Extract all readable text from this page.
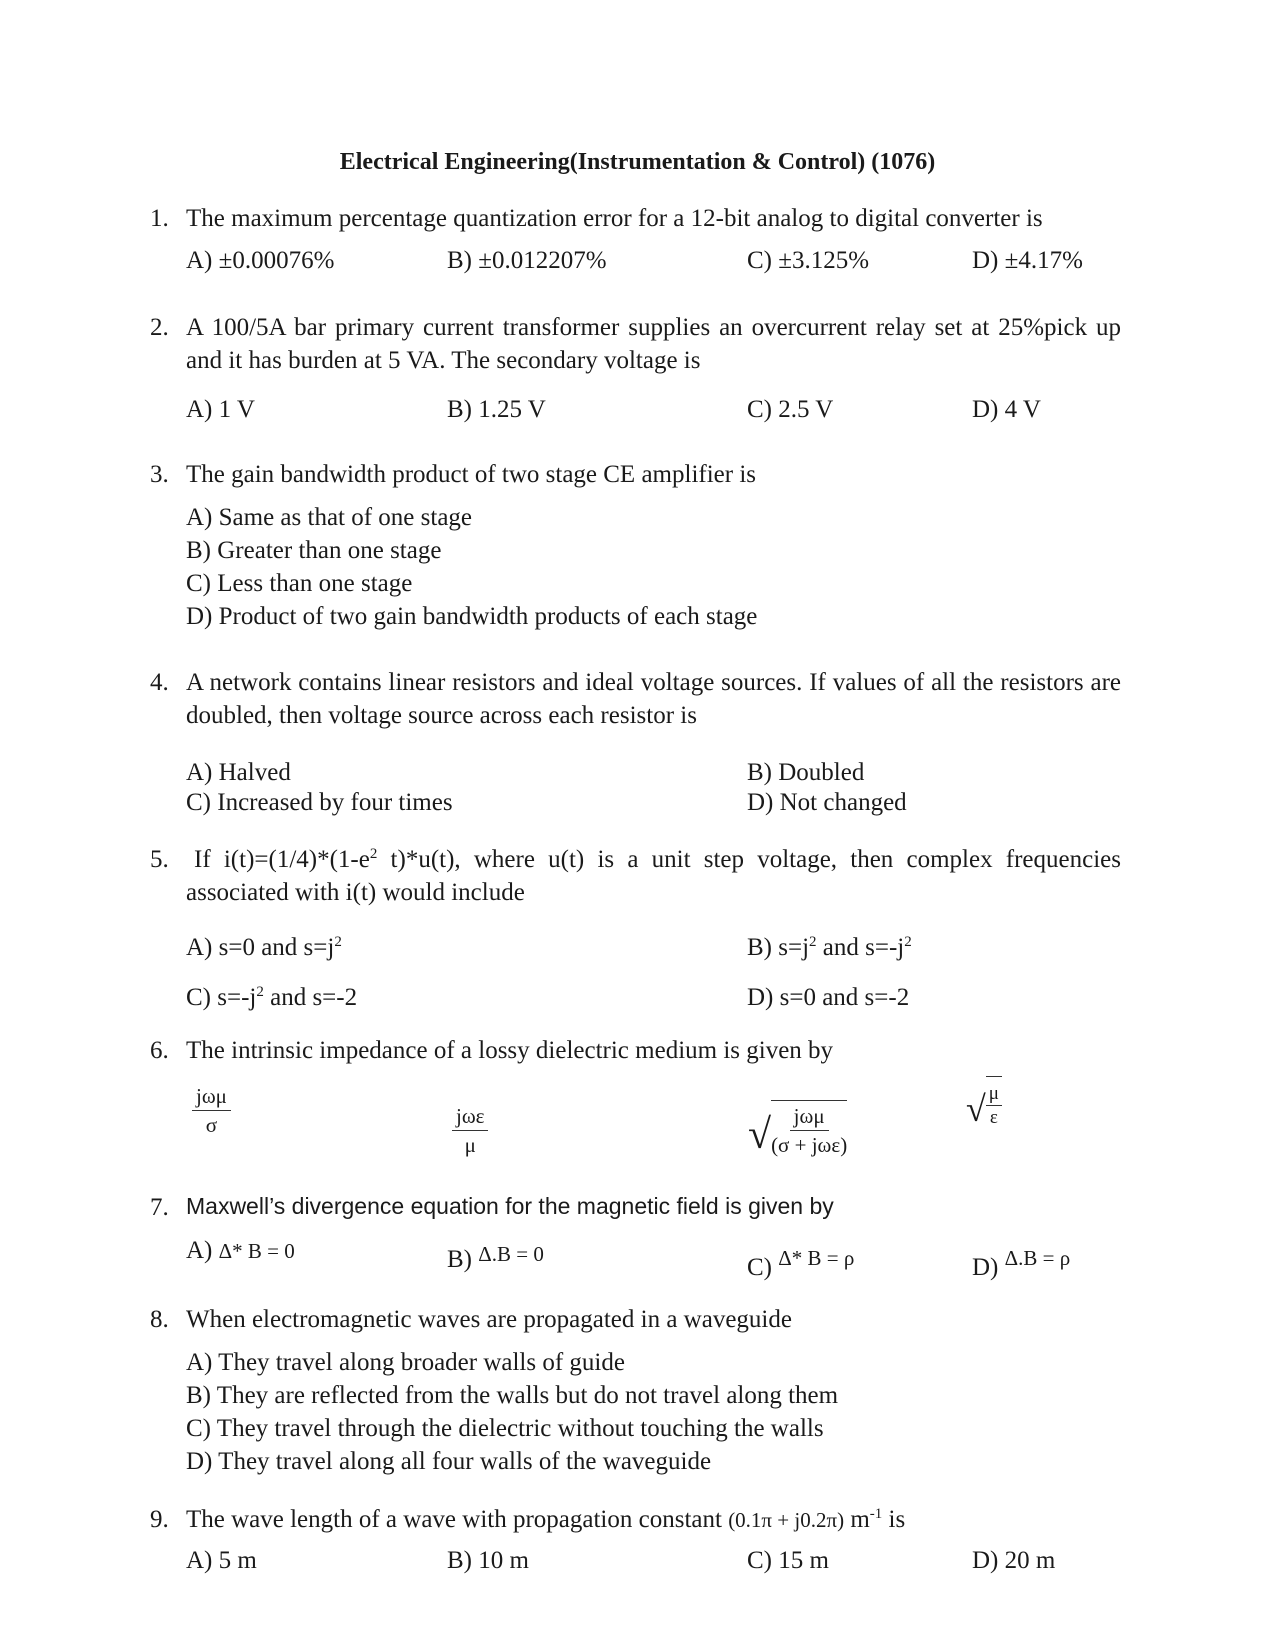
Electrical Engineering(Instrumentation & Control) (1076)
1. The maximum percentage quantization error for a 12-bit analog to digital converter is
A) ±0.00076%	B) ±0.012207%	C) ±3.125%	D) ±4.17%
2. A 100/5A bar primary current transformer supplies an overcurrent relay set at 25%pick up
and it has burden at 5 VA. The secondary voltage is
A) 1 V	B) 1.25 V	C) 2.5 V	D) 4 V
3. The gain bandwidth product of two stage CE amplifier is
A) Same as that of one stage
B) Greater than one stage
C) Less than one stage
D) Product of two gain bandwidth products of each stage
4. A network contains linear resistors and ideal voltage sources. If values of all the resistors are
doubled, then voltage source across each resistor is
A) Halved	B) Doubled
C) Increased by four times	D) Not changed
5. If $i(t)=(1/4)*(1-e^2$ t)*u(t), where u(t) is a unit step voltage, then complex frequencies
associated with i(t) would include
A) s=0 and $s=j^2$	B) $s=j^2$ and $s=-j^2$
C) $s=-j^2$ and s=-2	D) s=0 and s=-2
6. The intrinsic impedance of a lossy dielectric medium is given by
jωμ
σ	jωε
μ	√ $\frac{\text{jωμ}}{\text{(σ + jωε)}}$	√ $\frac{\mu}{\varepsilon}$
7. Maxwell’s divergence equation for the magnetic field is given by
A) Δ* B = 0	B) $^{\Delta.B = 0}$	C) $^{\Delta* B = \rho}$	D) $^{\Delta.B = \rho}$
8. When electromagnetic waves are propagated in a waveguide
A) They travel along broader walls of guide
B) They are reflected from the walls but do not travel along them
C) They travel through the dielectric without touching the walls
D) They travel along all four walls of the waveguide
9. The wave length of a wave with propagation constant (0.1π + j0.2π) $m^{-1}$ is
A) 5 m	B) 10 m	C) 15 m	D) 20 m
